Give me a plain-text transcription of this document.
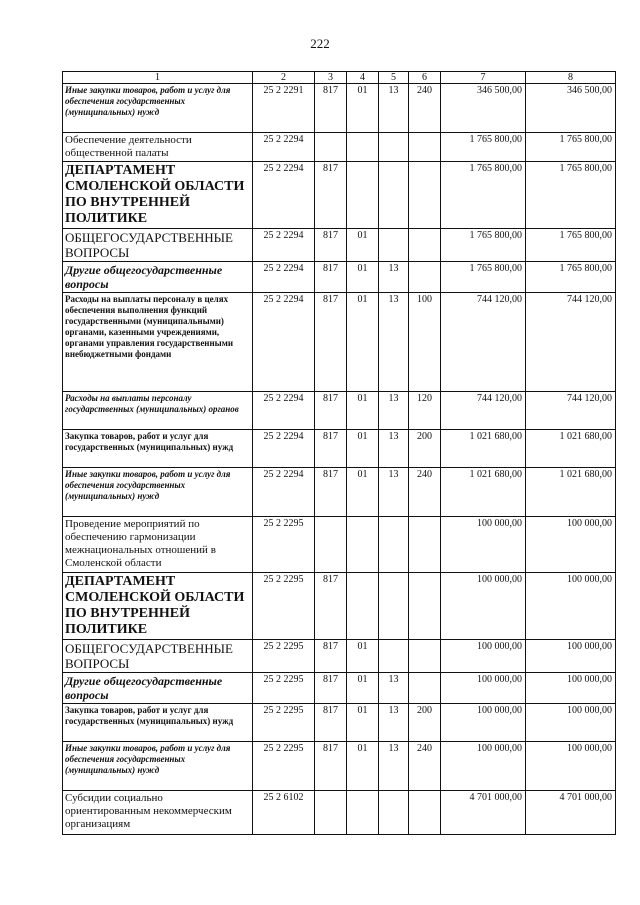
222
1	2	3	4	5	6	7	8
Иные закупки товаров, работ и услуг для обеспечения государственных (муниципальных) нужд	25 2 2291	817	01	13	240	346 500,00	346 500,00
Обеспечение деятельности общественной палаты	25 2 2294					1 765 800,00	1 765 800,00
ДЕПАРТАМЕНТ СМОЛЕНСКОЙ ОБЛАСТИ ПО ВНУТРЕННЕЙ ПОЛИТИКЕ	25 2 2294	817				1 765 800,00	1 765 800,00
ОБЩЕГОСУДАРСТВЕННЫЕ ВОПРОСЫ	25 2 2294	817	01			1 765 800,00	1 765 800,00
Другие общегосударственные вопросы	25 2 2294	817	01	13		1 765 800,00	1 765 800,00
Расходы на выплаты персоналу в целях обеспечения выполнения функций государственными (муниципальными) органами, казенными учреждениями, органами управления государственными внебюджетными фондами	25 2 2294	817	01	13	100	744 120,00	744 120,00
Расходы на выплаты персоналу государственных (муниципальных) органов	25 2 2294	817	01	13	120	744 120,00	744 120,00
Закупка товаров, работ и услуг для государственных (муниципальных) нужд	25 2 2294	817	01	13	200	1 021 680,00	1 021 680,00
Иные закупки товаров, работ и услуг для обеспечения государственных (муниципальных) нужд	25 2 2294	817	01	13	240	1 021 680,00	1 021 680,00
Проведение мероприятий по обеспечению гармонизации межнациональных отношений в Смоленской области	25 2 2295					100 000,00	100 000,00
ДЕПАРТАМЕНТ СМОЛЕНСКОЙ ОБЛАСТИ ПО ВНУТРЕННЕЙ ПОЛИТИКЕ	25 2 2295	817				100 000,00	100 000,00
ОБЩЕГОСУДАРСТВЕННЫЕ ВОПРОСЫ	25 2 2295	817	01			100 000,00	100 000,00
Другие общегосударственные вопросы	25 2 2295	817	01	13		100 000,00	100 000,00
Закупка товаров, работ и услуг для государственных (муниципальных) нужд	25 2 2295	817	01	13	200	100 000,00	100 000,00
Иные закупки товаров, работ и услуг для обеспечения государственных (муниципальных) нужд	25 2 2295	817	01	13	240	100 000,00	100 000,00
Субсидии социально ориентированным некоммерческим организациям	25 2 6102					4 701 000,00	4 701 000,00
